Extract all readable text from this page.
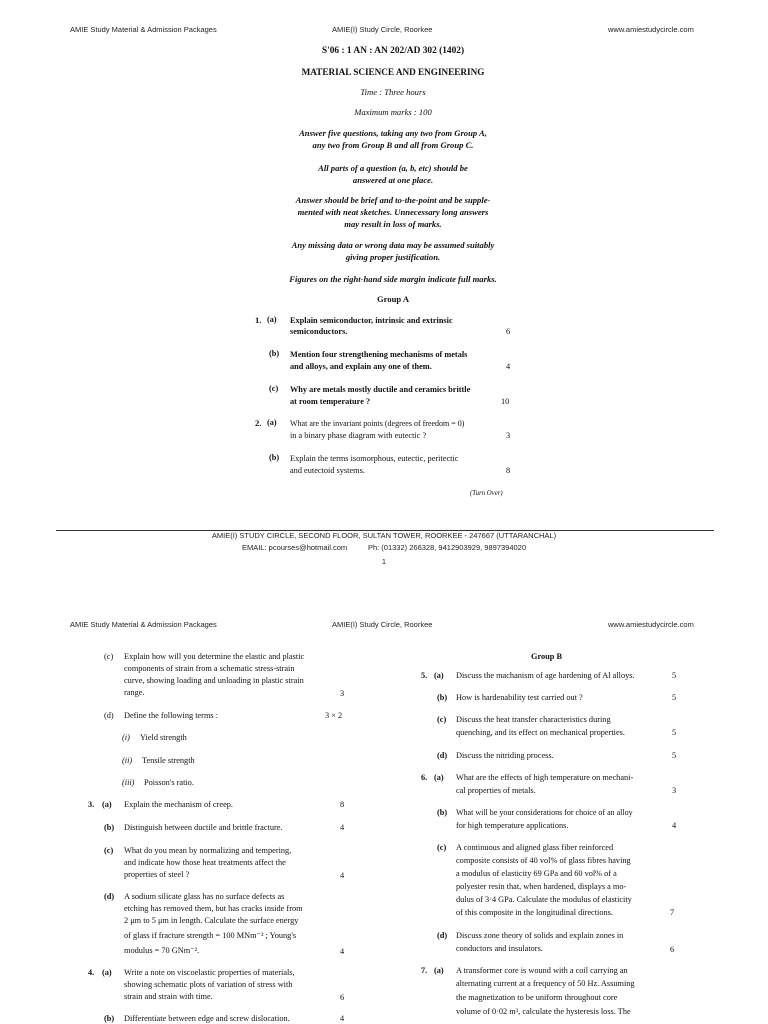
AMIE Study Material & Admission Packages	AMIE(I) Study Circle, Roorkee	www.amiestudycircle.com
S'06 : 1 AN : AN 202/AD 302 (1402)
MATERIAL SCIENCE AND ENGINEERING
Time : Three hours
Maximum marks : 100
Answer five questions, taking any two from Group A,
any two from Group B and all from Group C.
All parts of a question (a, b, etc) should be
answered at one place.
Answer should be brief and to-the-point and be supple-
mented with neat sketches. Unnecessary long answers
may result in loss of marks.
Any missing data or wrong data may be assumed suitably
giving proper justification.
Figures on the right-hand side margin indicate full marks.
Group A
1. (a) Explain semiconductor, intrinsic and extrinsic
semiconductors.	6
(b) Mention four strengthening mechanisms of metals
and alloys, and explain any one of them.	4
(c) Why are metals mostly ductile and ceramics brittle
at room temperature ?	10
2. (a) What are the invariant points (degrees of freedom = 0)
in a binary phase diagram with eutectic ?	3
(b) Explain the terms isomorphous, eutectic, peritectic
and eutectoid systems.	8
(Turn Over)
AMIE(I) STUDY CIRCLE, SECOND FLOOR, SULTAN TOWER, ROORKEE - 247667 (UTTARANCHAL)
EMAIL: pcourses@hotmail.com          Ph: (01332) 266328, 9412903929, 9897394020
1
AMIE Study Material & Admission Packages	AMIE(I) Study Circle, Roorkee	www.amiestudycircle.com
(c) Explain how will you determine the elastic and plastic
components of strain from a schematic stress-strain
curve, showing loading and unloading in plastic strain
range.	3
(d) Define the following terms :	3 × 2
(i) Yield strength
(ii) Tensile strength
(iii) Poisson's ratio.
3. (a) Explain the mechanism of creep.	8
(b) Distinguish between ductile and brittle fracture.	4
(c) What do you mean by normalizing and tempering,
and indicate how those heat treatments affect the
properties of steel ?	4
(d) A sodium silicate glass has no surface defects as
etching has removed them, but has cracks inside from
2 μm to 5 μm in length. Calculate the surface energy
of glass if fracture strength = 100 MNm⁻² ; Young's
modulus = 70 GNm⁻².	4
4. (a) Write a note on viscoelastic properties of materials,
showing schematic plots of variation of stress with
strain and strain with time.	6
(b) Differentiate between edge and screw dislocation.	4
Group B
5. (a) Discuss the machanism of age hardening of Al alloys.	5
(b) How is hardenability test carried out ?	5
(c) Discuss the heat transfer characteristics during
quenching, and its effect on mechanical properties.	5
(d) Discuss the nitriding process.	5
6. (a) What are the effects of high temperature on mechani-
cal properties of metals.	3
(b) What will be your considerations for choice of an alloy
for high temperature applications.	4
(c) A continuous and aligned glass fiber reinforced
composite consists of 40 vol% of glass fibres having
a modulus of elasticity 69 GPa and 60 vol% of a
polyester resin that, when hardened, displays a mo-
dulus of 3·4 GPa. Calculate the modulus of elasticity
of this composite in the longitudinal directions.	7
(d) Discuss zone theory of solids and explain zones in
conductors and insulators.	6
7. (a) A transformer core is wound with a coil carrying an
alternating current at a frequency of 50 Hz. Assuming
the magnetization to be uniform throughout core
volume of 0·02 m³, calculate the hysteresis loss. The
